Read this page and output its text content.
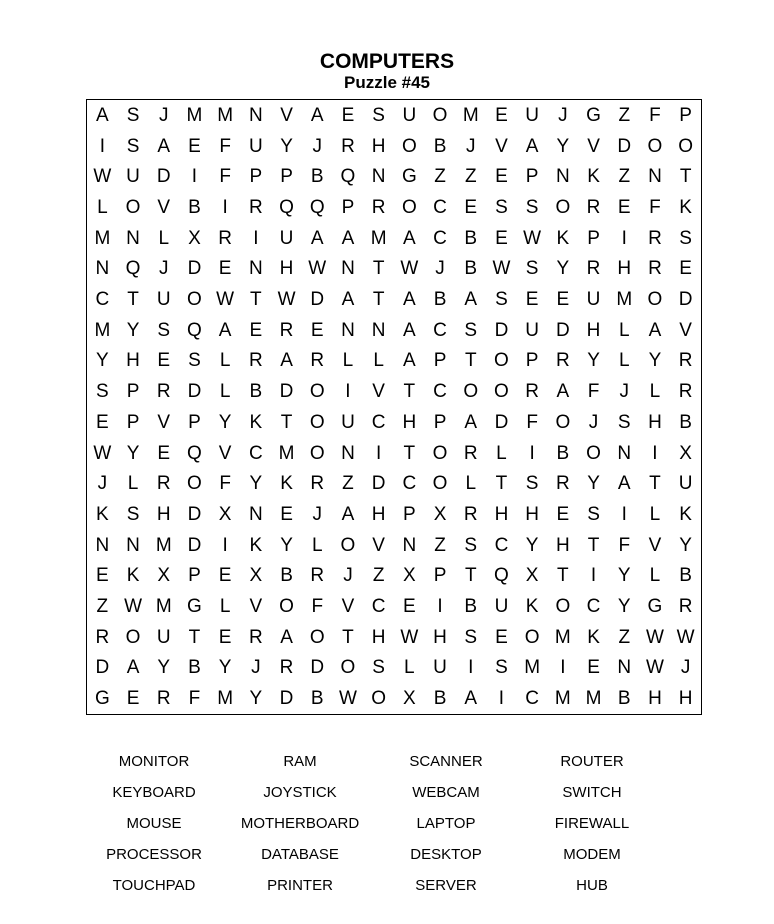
COMPUTERS
Puzzle #45
A S	J M M N V A E S U O M E U	J G Z	F P
I	S A E F U Y	J	R H O B	J	V A Y V D O O
W U D	I	F P P B Q N G Z	Z E P N K Z N T
L O V B	I	R Q Q P R O C E S S O R E F K
M N L	X R	I	U A A M A C B E W K P	I	R S
N Q J	D E N H W N T W J	B W S Y R H R E
C T U O W T W D A T A B A S E E U M O D
M Y S Q A E R E N N A C S D U D H L	A V
Y H E S	L R A R L	L	A P T O P R Y	L	Y R
S P R D L	B D O	I	V T C O O R A F	J	L R
E P V P Y K T O U C H P A D F O J	S H B
W Y E Q V C M O N	I	T O R L	I	B O N	I	X
J	L R O F Y K R Z D C O L	T S R Y A T U
K S H D X N E	J	A H P X R H H E S	I	L	K
N N M D	I	K Y	L O V N Z S C Y H T	F V Y
E K X P E X B R	J	Z X P T Q X T	I	Y	L	B
Z W M G L	V O F V C E	I	B U K O C Y G R
R O U T E R A O T H W H S E O M K Z W W
D A Y B Y	J	R D O S	L U	I	S M	I	E N W J
G E R F M Y D B W O X B A	I	C M M B H H
MONITOR	RAM	SCANNER	ROUTER
KEYBOARD	JOYSTICK	WEBCAM	SWITCH
MOUSE	MOTHERBOARD	LAPTOP	FIREWALL
PROCESSOR	DATABASE	DESKTOP	MODEM
TOUCHPAD	PRINTER	SERVER	HUB
